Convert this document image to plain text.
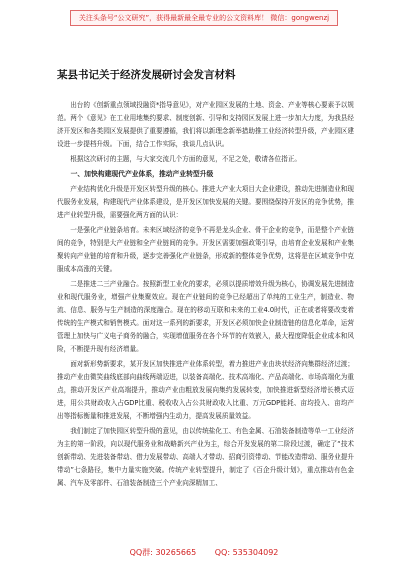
关注头条号“公文研究”，获得最新最全最专业的公文资料库！ 微信：gongwenzj
某县书记关于经济发展研讨会发言材料

出台的《创新重点领域投融资*指导意见》，对产业园区发展的土地、资金、产业等核心要素予以规范。两个《意见》在工业用地集约要求、制度创新、引导和支持园区发展上进一步加大力度，为我县经济开发区和各类园区发展提供了重要遵循，我们将以新理念新举措助推工业经济转型升级，产业园区建设进一步提档升级。下面，结合工作实际，我谈几点认识。

根据这次研讨的主题，与大家交流几个方面的意见，不足之处，敬请各位指正。

一、加快构建现代产业体系，推动产业转型升级

产业结构优化升级是开发区转型升级的核心。推进大产业大项目大企业建设，推动先进制造业和现代服务业发展，构建现代产业体系建设，是开发区加快发展的关键。要围绕保持开发区的竞争优势，推进产业转型升级，需要强化两方面的认识：

一是强化产业链条培育。未来区域经济的竞争不再是龙头企业、骨干企业的竞争，而是整个产业链间的竞争，特别是大产业链和全产业链间的竞争。开发区需要加强政策引导，由培育企业发展和产业集聚转向产业链的培育和升级，逐步完善强化产业链条，形成新的整体竞争优势，这将是在区域竞争中克服成本高涨的关键。

二是推进二三产业融合。按照新型工业化的要求，必须以提质增效升级为核心，协调发展先进制造业和现代服务业，增强产业集聚效应。现在产业链间的竞争已经超出了单纯的工业生产，制造业、物流、信息、服务与生产制造的深度融合。现在的移动互联和未来的工业4.0时代，正在或者将要改变着传统的生产模式和销售模式。面对这一系列的新要求，开发区必须加快企业制造链的信息化革命，运营管理上加快与广义电子商务的融合，实现增值服务在各个环节的有效嵌入，最大程度降低企业成本和风险，不断提升现有经济增量。

面对新形势新要求，某开发区加快推进产业体系转型，着力推进产业由块状经济向集群经济过渡；推动产业由微笑曲线底部向曲线两端迈进，以装备高端化、技术高端化、产品高端化、市场高端化为重点，推动开发区产业高端提升，推动产业由粗放发展向集约发展转变，加快推进新型经济增长模式迈进，用公共财政收入占GDP比重、税收收入占公共财政收入比重、万元GDP能耗、亩均投入、亩均产出等指标衡量和推进发展，不断增强内生动力，提高发展质量效益。

我们制定了加快园区转型升级的意见，由以传统盐化工、有色金属、石油装备制造等单一工业经济为主的第一阶段，向以现代服务业和战略新兴产业为主，综合开发发展的第二阶段过渡，确定了“技术创新带动、先进装备带动、借力发展带动、高端人才带动、招商引资带动、节能改造带动、服务业提升带动”七条路径，集中力量实施突破。传统产业转型提升，制定了《百企升级计划》，重点推动有色金属、汽车及零部件、石油装备制造三个产业向深精加工、

QQ群: 30265665 QQ: 535304092
